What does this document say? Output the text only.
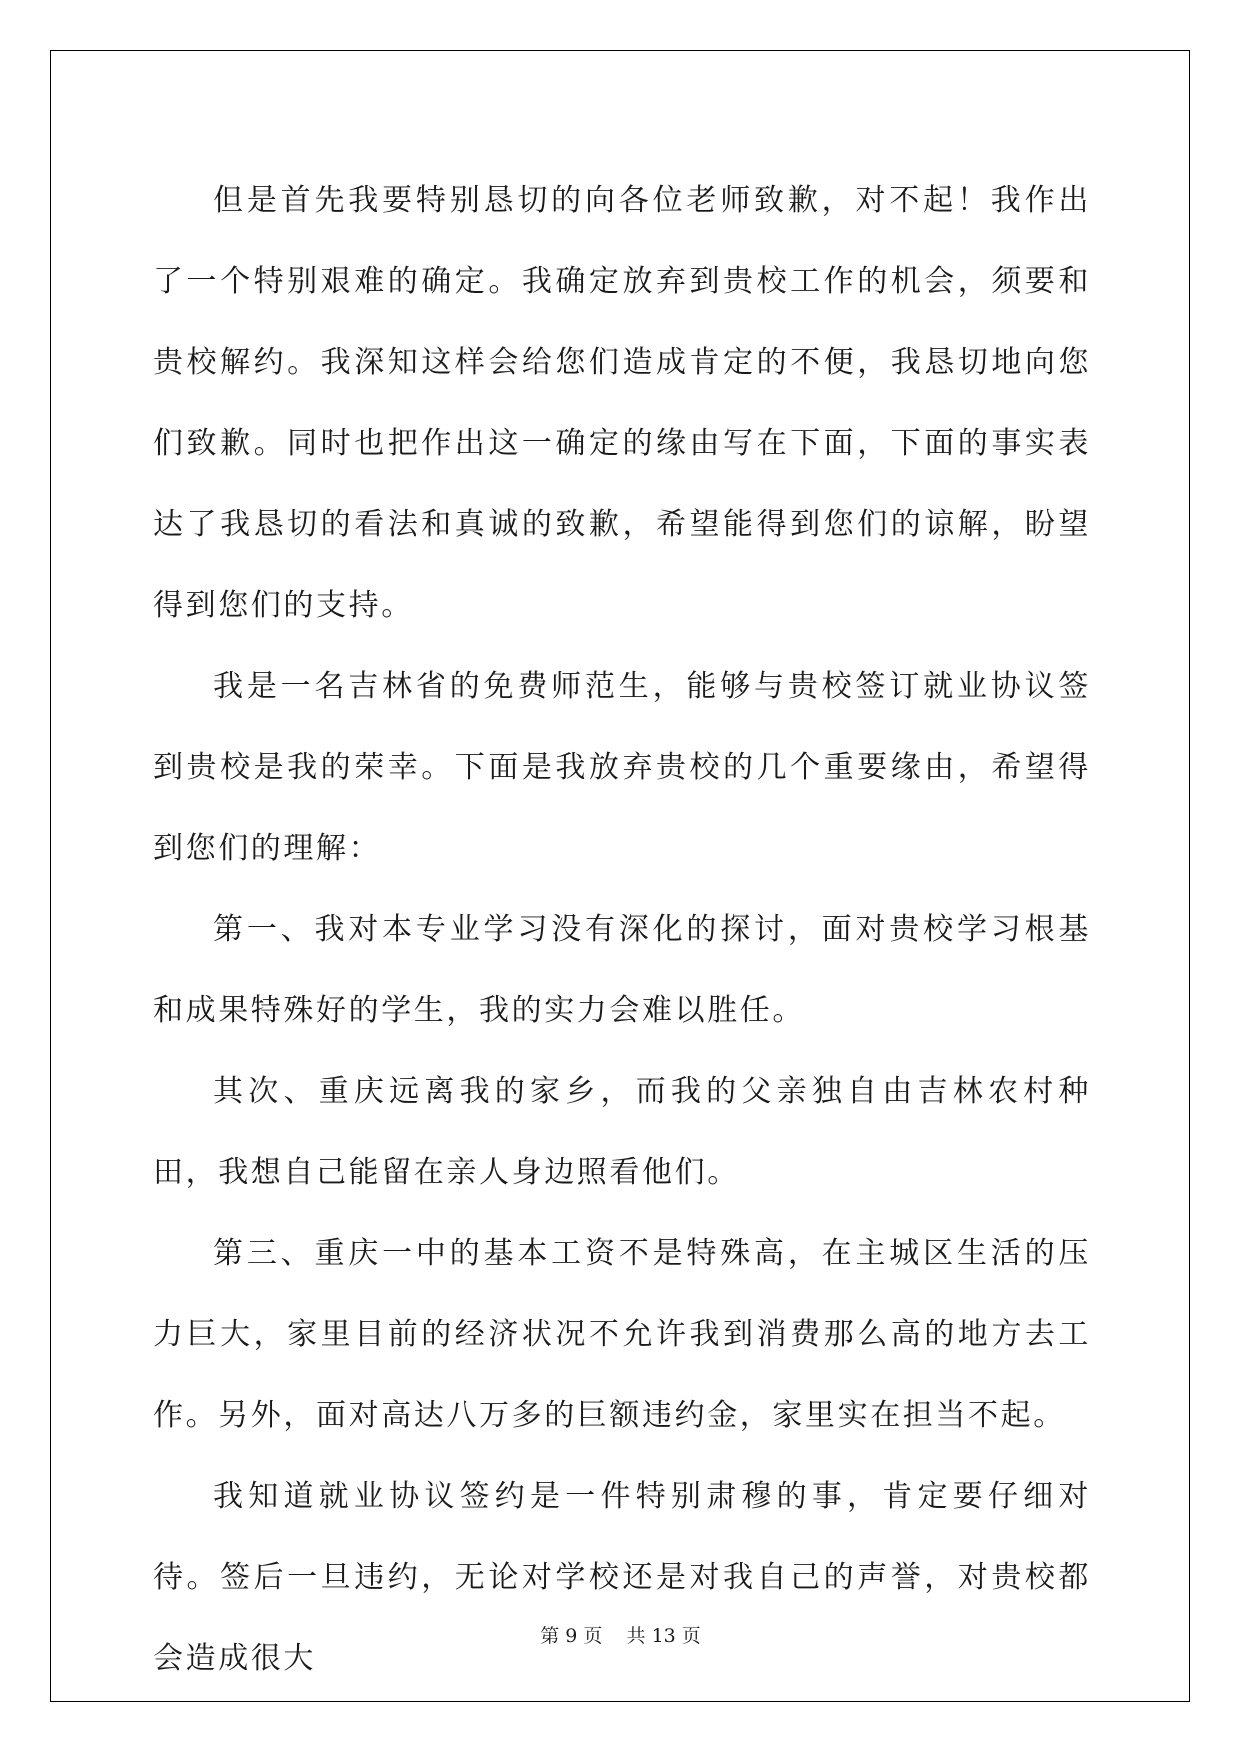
但是首先我要特别恳切的向各位老师致歉，对不起！我作出了一个特别艰难的确定。我确定放弃到贵校工作的机会，须要和贵校解约。我深知这样会给您们造成肯定的不便，我恳切地向您们致歉。同时也把作出这一确定的缘由写在下面，下面的事实表达了我恳切的看法和真诚的致歉，希望能得到您们的谅解，盼望得到您们的支持。

我是一名吉林省的免费师范生，能够与贵校签订就业协议签到贵校是我的荣幸。下面是我放弃贵校的几个重要缘由，希望得到您们的理解：

第一、我对本专业学习没有深化的探讨，面对贵校学习根基和成果特殊好的学生，我的实力会难以胜任。

其次、重庆远离我的家乡，而我的父亲独自由吉林农村种田，我想自己能留在亲人身边照看他们。

第三、重庆一中的基本工资不是特殊高，在主城区生活的压力巨大，家里目前的经济状况不允许我到消费那么高的地方去工作。另外，面对高达八万多的巨额违约金，家里实在担当不起。

我知道就业协议签约是一件特别肃穆的事，肯定要仔细对待。签后一旦违约，无论对学校还是对我自己的声誉，对贵校都会造成很大

第 9 页    共 13 页
